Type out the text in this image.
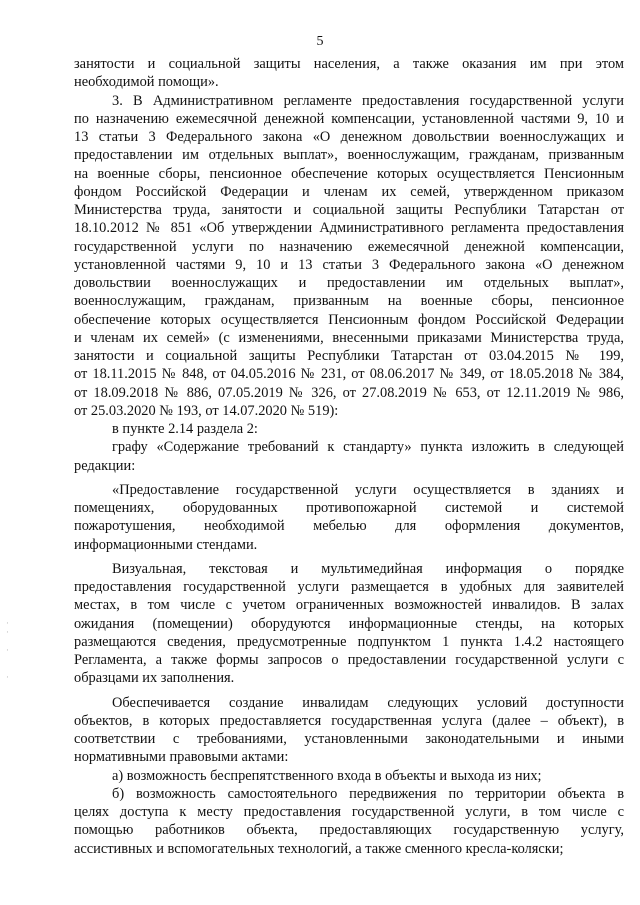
5
занятости и социальной защиты населения, а также оказания им при этом
необходимой помощи».
3. В Административном регламенте предоставления государственной услуги
по назначению ежемесячной денежной компенсации, установленной частями 9, 10 и
13 статьи 3 Федерального закона «О денежном довольствии военнослужащих и
предоставлении им отдельных выплат», военнослужащим, гражданам, призванным
на военные сборы, пенсионное обеспечение которых осуществляется Пенсионным
фондом Российской Федерации и членам их семей, утвержденном приказом
Министерства труда, занятости и социальной защиты Республики Татарстан от
18.10.2012 № 851 «Об утверждении Административного регламента предоставления
государственной услуги по назначению ежемесячной денежной компенсации,
установленной частями 9, 10 и 13 статьи 3 Федерального закона «О денежном
довольствии военнослужащих и предоставлении им отдельных выплат»,
военнослужащим, гражданам, призванным на военные сборы, пенсионное
обеспечение которых осуществляется Пенсионным фондом Российской Федерации
и членам их семей» (с изменениями, внесенными приказами Министерства труда,
занятости и социальной защиты Республики Татарстан от 03.04.2015 № 199,
от 18.11.2015 № 848, от 04.05.2016 № 231, от 08.06.2017 № 349, от 18.05.2018 № 384,
от 18.09.2018 № 886, 07.05.2019 № 326, от 27.08.2019 № 653, от 12.11.2019 № 986,
от 25.03.2020 № 193, от 14.07.2020 № 519):
в пункте 2.14 раздела 2:
графу «Содержание требований к стандарту» пункта изложить в следующей
редакции:
«Предоставление государственной услуги осуществляется в зданиях и
помещениях, оборудованных противопожарной системой и системой
пожаротушения, необходимой мебелью для оформления документов,
информационными стендами.
Визуальная, текстовая и мультимедийная информация о порядке
предоставления государственной услуги размещается в удобных для заявителей
местах, в том числе с учетом ограниченных возможностей инвалидов. В залах
ожидания (помещении) оборудуются информационные стенды, на которых
размещаются сведения, предусмотренные подпунктом 1 пункта 1.4.2 настоящего
Регламента, а также формы запросов о предоставлении государственной услуги с
образцами их заполнения.
Обеспечивается создание инвалидам следующих условий доступности
объектов, в которых предоставляется государственная услуга (далее – объект), в
соответствии с требованиями, установленными законодательными и иными
нормативными правовыми актами:
а) возможность беспрепятственного входа в объекты и выхода из них;
б) возможность самостоятельного передвижения по территории объекта в
целях доступа к месту предоставления государственной услуги, в том числе с
помощью работников объекта, предоставляющих государственную услугу,
ассистивных и вспомогательных технологий, а также сменного кресла-коляски;
·
·

·

·
